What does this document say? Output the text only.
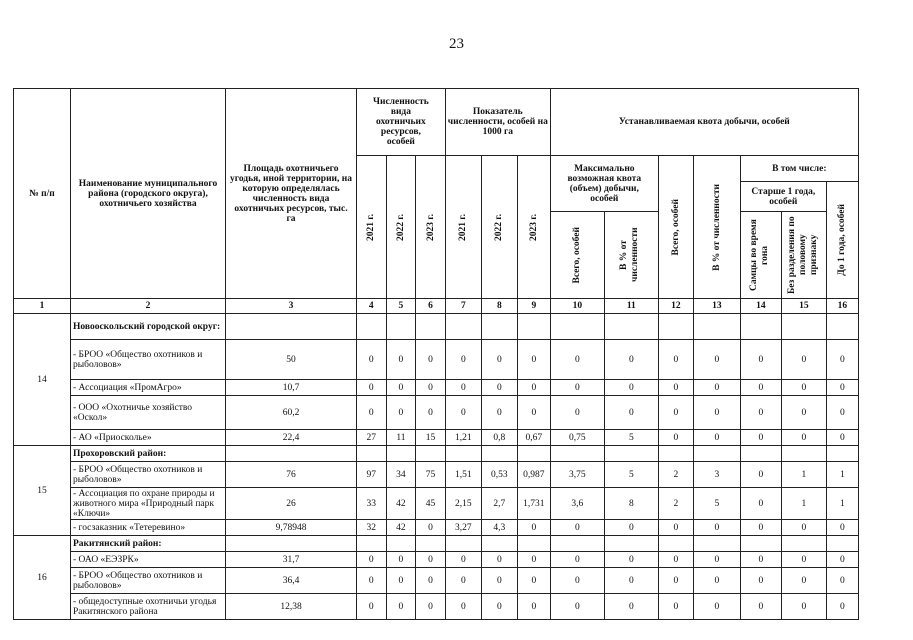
23
№ п/п	Наименование муниципального района (городского округа), охотничьего хозяйства	Площадь охотничьего угодья, иной территории, на которую определялась численность вида охотничьих ресурсов, тыс. га	Численность вида охотничьих ресурсов, особей			Показатель численности, особей на 1000 га			Устанавливаемая квота добычи, особей						

			2021 г.	2022 г.	2023 г.	2021 г.	2022 г.	2023 г.	Максимально возможная квота (объем) добычи, особей		Всего, особей	В % от численности	В том числе:		
													Старше 1 года, особей		До 1 года, особей

									Всего, особей	В % от численности			Самцы во время гона	Без разделения по половому признаку	

1	2	3	4	5	6	7	8	9	10	11	12	13	14	15	16
14	Новооскольский городской округ:														
	- БРОО «Общество охотников и рыболовов»	50	0	0	0	0	0	0	0	0	0	0	0	0	0
	- Ассоциация «ПромАгро»	10,7	0	0	0	0	0	0	0	0	0	0	0	0	0
	- ООО «Охотничье хозяйство «Оскол»	60,2	0	0	0	0	0	0	0	0	0	0	0	0	0
	- АО «Приосколье»	22,4	27	11	15	1,21	0,8	0,67	0,75	5	0	0	0	0	0
15	Прохоровский район:														
	- БРОО «Общество охотников и рыболовов»	76	97	34	75	1,51	0,53	0,987	3,75	5	2	3	0	1	1
	- Ассоциация по охране природы и животного мира «Природный парк «Ключи»	26	33	42	45	2,15	2,7	1,731	3,6	8	2	5	0	1	1
	- госзаказник «Тетеревино»	9,78948	32	42	0	3,27	4,3	0	0	0	0	0	0	0	0
16	Ракитянский район:														
	- ОАО «ЕЭЗРК»	31,7	0	0	0	0	0	0	0	0	0	0	0	0	0
	- БРОО «Общество охотников и рыболовов»	36,4	0	0	0	0	0	0	0	0	0	0	0	0	0
	- общедоступные охотничьи угодья Ракитянского района	12,38	0	0	0	0	0	0	0	0	0	0	0	0	0
